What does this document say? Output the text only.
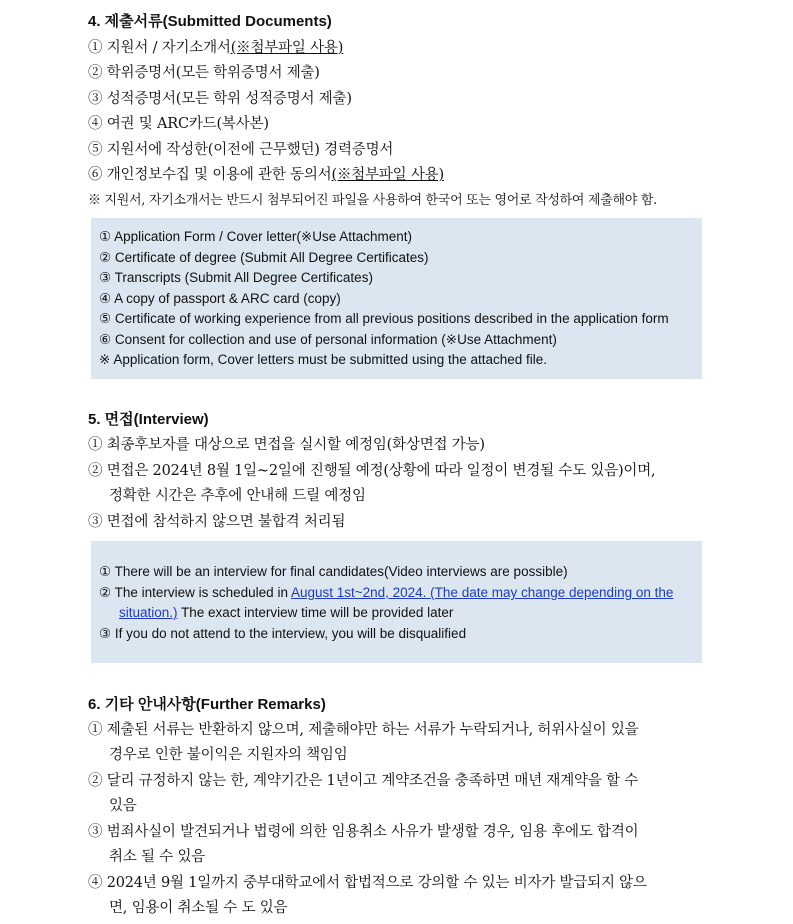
4. 제출서류(Submitted Documents)
① 지원서 / 자기소개서(※첨부파일 사용)
② 학위증명서(모든 학위증명서 제출)
③ 성적증명서(모든 학위 성적증명서 제출)
④ 여권 및 ARC카드(복사본)
⑤ 지원서에 작성한(이전에 근무했던) 경력증명서
⑥ 개인정보수집 및 이용에 관한 동의서(※첨부파일 사용)
※ 지원서, 자기소개서는 반드시 첨부되어진 파일을 사용하여 한국어 또는 영어로 작성하여 제출해야 함.
① Application Form / Cover letter(※Use Attachment)
② Certificate of degree (Submit All Degree Certificates)
③ Transcripts (Submit All Degree Certificates)
④ A copy of passport & ARC card (copy)
⑤ Certificate of working experience from all previous positions described in the application form
⑥ Consent for collection and use of personal information (※Use Attachment)
※ Application form, Cover letters must be submitted using the attached file.
5. 면접(Interview)
① 최종후보자를 대상으로 면접을 실시할 예정임(화상면접 가능)
② 면접은 2024년 8월 1일~2일에 진행될 예정(상황에 따라 일정이 변경될 수도 있음)이며,
정확한 시간은 추후에 안내해 드릴 예정임
③ 면접에 참석하지 않으면 불합격 처리됨
① There will be an interview for final candidates(Video interviews are possible)
② The interview is scheduled in August 1st~2nd, 2024. (The date may change depending on the
situation.) The exact interview time will be provided later
③ If you do not attend to the interview, you will be disqualified
6. 기타 안내사항(Further Remarks)
① 제출된 서류는 반환하지 않으며, 제출해야만 하는 서류가 누락되거나, 허위사실이 있을
경우로 인한 불이익은 지원자의 책임임
② 달리 규정하지 않는 한, 계약기간은 1년이고 계약조건을 충족하면 매년 재계약을 할 수
있음
③ 범죄사실이 발견되거나 법령에 의한 임용취소 사유가 발생할 경우, 임용 후에도 합격이
취소 될 수 있음
④ 2024년 9월 1일까지 중부대학교에서 합법적으로 강의할 수 있는 비자가 발급되지 않으
면, 임용이 취소될 수 도 있음
